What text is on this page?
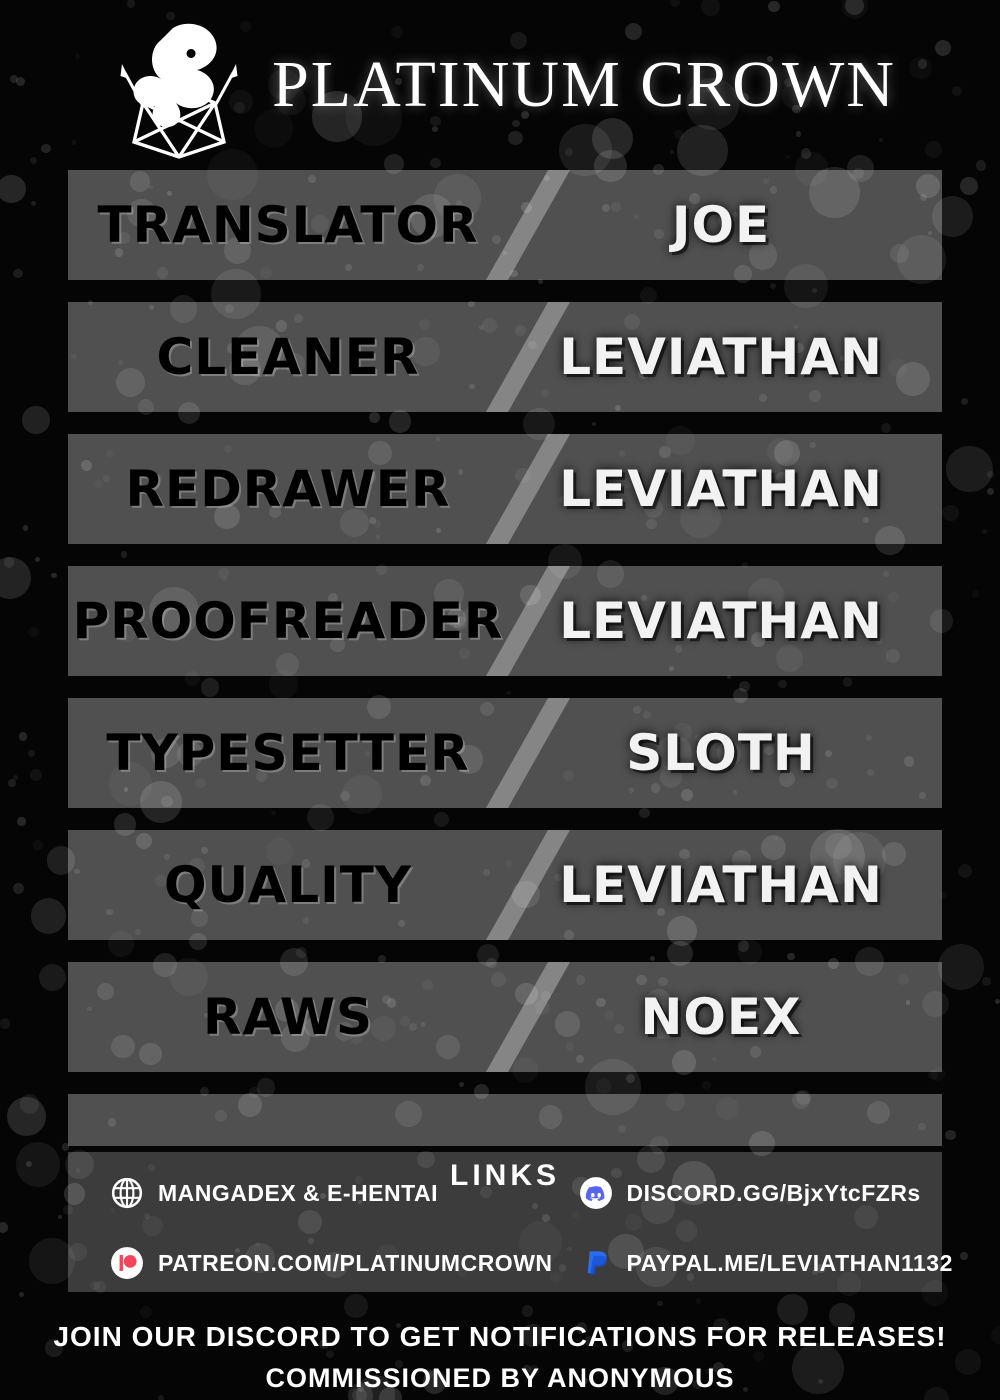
PLATINUM CROWN
TRANSLATOR	JOE
CLEANER	LEVIATHAN
REDRAWER	LEVIATHAN
PROOFREADER	LEVIATHAN
TYPESETTER	SLOTH
QUALITY	LEVIATHAN
RAWS	NOEX
LINKS
MANGADEX & E-HENTAI	DISCORD.GG/BjxYtcFZRs
PATREON.COM/PLATINUMCROWN	PAYPAL.ME/LEVIATHAN1132
JOIN OUR DISCORD TO GET NOTIFICATIONS FOR RELEASES!
COMMISSIONED BY ANONYMOUS
